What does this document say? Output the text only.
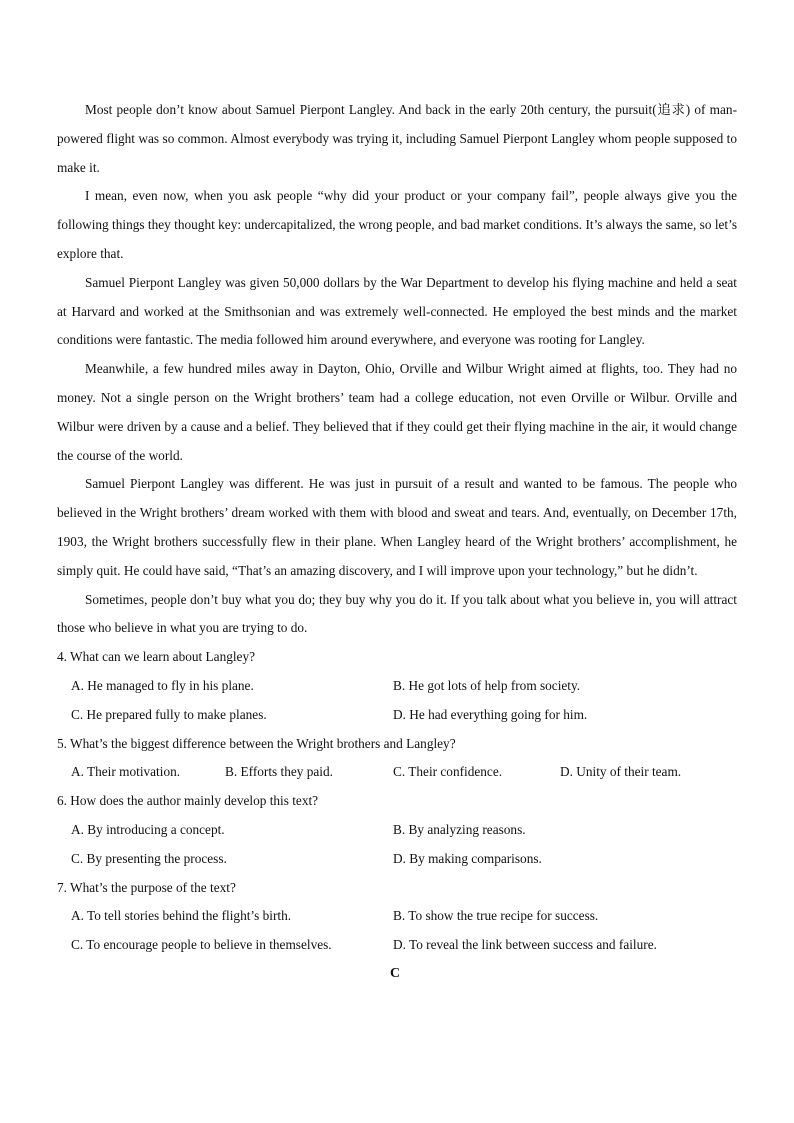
Most people don’t know about Samuel Pierpont Langley. And back in the early 20th century, the pursuit(追求) of man-powered flight was so common. Almost everybody was trying it, including Samuel Pierpont Langley whom people supposed to make it.

I mean, even now, when you ask people “why did your product or your company fail”, people always give you the following things they thought key: undercapitalized, the wrong people, and bad market conditions. It’s always the same, so let’s explore that.

Samuel Pierpont Langley was given 50,000 dollars by the War Department to develop his flying machine and held a seat at Harvard and worked at the Smithsonian and was extremely well-connected. He employed the best minds and the market conditions were fantastic. The media followed him around everywhere, and everyone was rooting for Langley.

Meanwhile, a few hundred miles away in Dayton, Ohio, Orville and Wilbur Wright aimed at flights, too. They had no money. Not a single person on the Wright brothers’ team had a college education, not even Orville or Wilbur. Orville and Wilbur were driven by a cause and a belief. They believed that if they could get their flying machine in the air, it would change the course of the world.

Samuel Pierpont Langley was different. He was just in pursuit of a result and wanted to be famous. The people who believed in the Wright brothers’ dream worked with them with blood and sweat and tears. And, eventually, on December 17th, 1903, the Wright brothers successfully flew in their plane. When Langley heard of the Wright brothers’ accomplishment, he simply quit. He could have said, “That’s an amazing discovery, and I will improve upon your technology,” but he didn’t.

Sometimes, people don’t buy what you do; they buy why you do it. If you talk about what you believe in, you will attract those who believe in what you are trying to do.

4. What can we learn about Langley?

A. He managed to fly in his plane.	B. He got lots of help from society.
C. He prepared fully to make planes.	D. He had everything going for him.

5. What’s the biggest difference between the Wright brothers and Langley?

A. Their motivation.	B. Efforts they paid.	C. Their confidence.	D. Unity of their team.

6. How does the author mainly develop this text?

A. By introducing a concept.	B. By analyzing reasons.
C. By presenting the process.	D. By making comparisons.

7. What’s the purpose of the text?

A. To tell stories behind the flight’s birth.	B. To show the true recipe for success.
C. To encourage people to believe in themselves.	D. To reveal the link between success and failure.
C
